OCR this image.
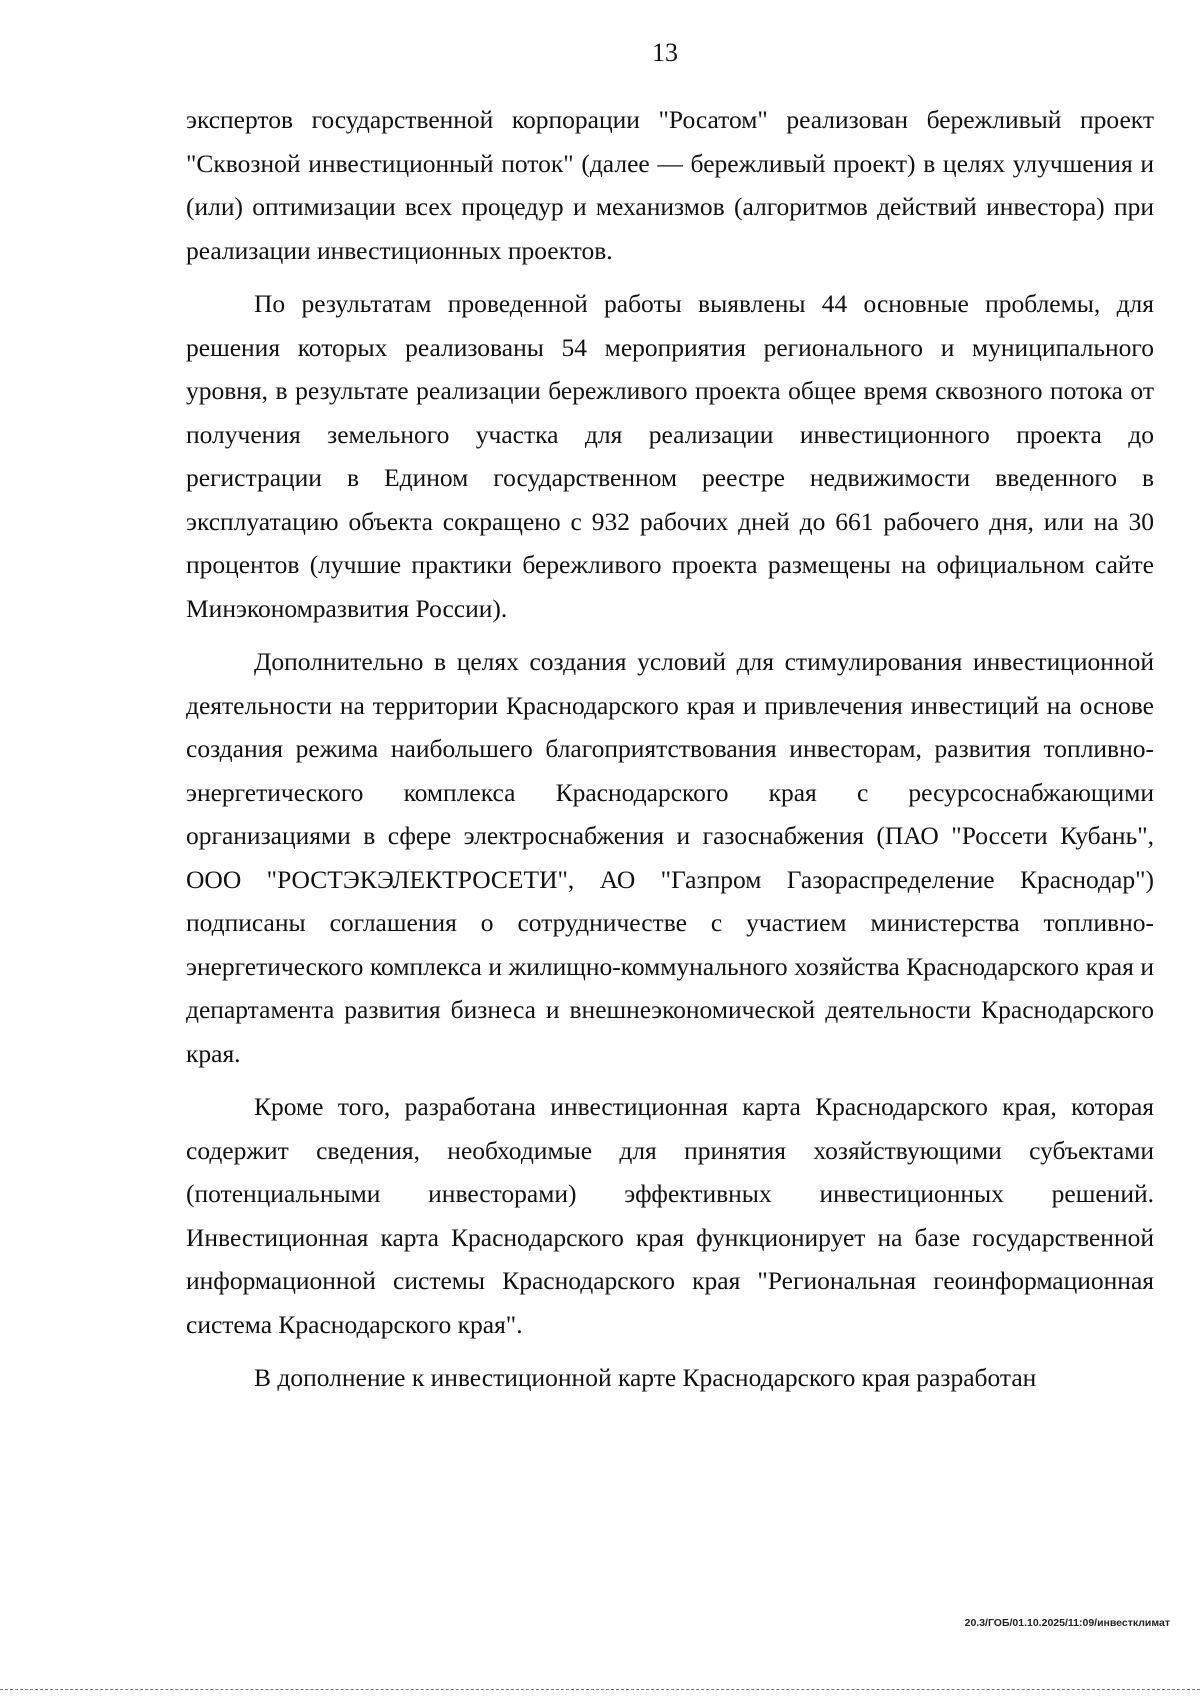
13

экспертов государственной корпорации "Росатом" реализован бережливый проект "Сквозной инвестиционный поток" (далее — бережливый проект) в целях улучшения и (или) оптимизации всех процедур и механизмов (алгоритмов действий инвестора) при реализации инвестиционных проектов.

По результатам проведенной работы выявлены 44 основные проблемы, для решения которых реализованы 54 мероприятия регионального и муниципального уровня, в результате реализации бережливого проекта общее время сквозного потока от получения земельного участка для реализации инвестиционного проекта до регистрации в Едином государственном реестре недвижимости введенного в эксплуатацию объекта сокращено с 932 рабочих дней до 661 рабочего дня, или на 30 процентов (лучшие практики бережливого проекта размещены на официальном сайте Минэкономразвития России).

Дополнительно в целях создания условий для стимулирования инвестиционной деятельности на территории Краснодарского края и привлечения инвестиций на основе создания режима наибольшего благоприятствования инвесторам, развития топливно-энергетического комплекса Краснодарского края с ресурсоснабжающими организациями в сфере электроснабжения и газоснабжения (ПАО "Россети Кубань", ООО "РОСТЭКЭЛЕКТРОСЕТИ", АО "Газпром Газораспределение Краснодар") подписаны соглашения о сотрудничестве с участием министерства топливно-энергетического комплекса и жилищно-коммунального хозяйства Краснодарского края и департамента развития бизнеса и внешнеэкономической деятельности Краснодарского края.

Кроме того, разработана инвестиционная карта Краснодарского края, которая содержит сведения, необходимые для принятия хозяйствующими субъектами (потенциальными инвесторами) эффективных инвестиционных решений. Инвестиционная карта Краснодарского края функционирует на базе государственной информационной системы Краснодарского края "Региональная геоинформационная система Краснодарского края".

В дополнение к инвестиционной карте Краснодарского края разработан

20.3/ГОБ/01.10.2025/11:09/инвестклимат
